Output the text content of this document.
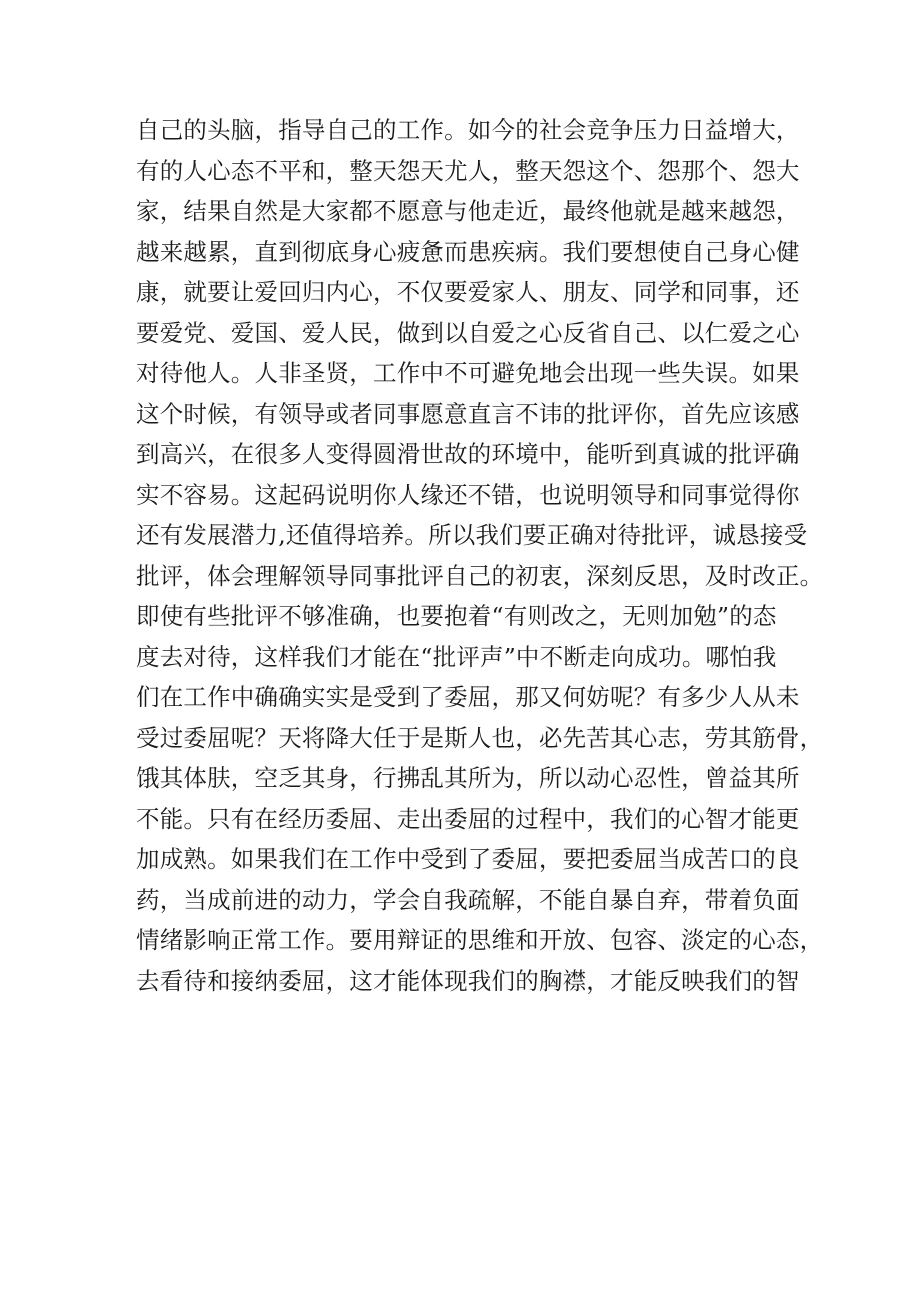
自己的头脑，指导自己的工作。如今的社会竞争压力日益增大，
有的人心态不平和，整天怨天尤人，整天怨这个、怨那个、怨大
家，结果自然是大家都不愿意与他走近，最终他就是越来越怨，
越来越累，直到彻底身心疲惫而患疾病。我们要想使自己身心健
康，就要让爱回归内心，不仅要爱家人、朋友、同学和同事，还
要爱党、爱国、爱人民，做到以自爱之心反省自己、以仁爱之心
对待他人。人非圣贤，工作中不可避免地会出现一些失误。如果
这个时候，有领导或者同事愿意直言不讳的批评你，首先应该感
到高兴，在很多人变得圆滑世故的环境中，能听到真诚的批评确
实不容易。这起码说明你人缘还不错，也说明领导和同事觉得你
还有发展潜力,还值得培养。所以我们要正确对待批评，诚恳接受
批评，体会理解领导同事批评自己的初衷，深刻反思，及时改正。
即使有些批评不够准确，也要抱着“有则改之，无则加勉”的态
度去对待，这样我们才能在“批评声”中不断走向成功。哪怕我
们在工作中确确实实是受到了委屈，那又何妨呢？有多少人从未
受过委屈呢？天将降大任于是斯人也，必先苦其心志，劳其筋骨，
饿其体肤，空乏其身，行拂乱其所为，所以动心忍性，曾益其所
不能。只有在经历委屈、走出委屈的过程中，我们的心智才能更
加成熟。如果我们在工作中受到了委屈，要把委屈当成苦口的良
药，当成前进的动力，学会自我疏解，不能自暴自弃，带着负面
情绪影响正常工作。要用辩证的思维和开放、包容、淡定的心态，
去看待和接纳委屈，这才能体现我们的胸襟，才能反映我们的智
